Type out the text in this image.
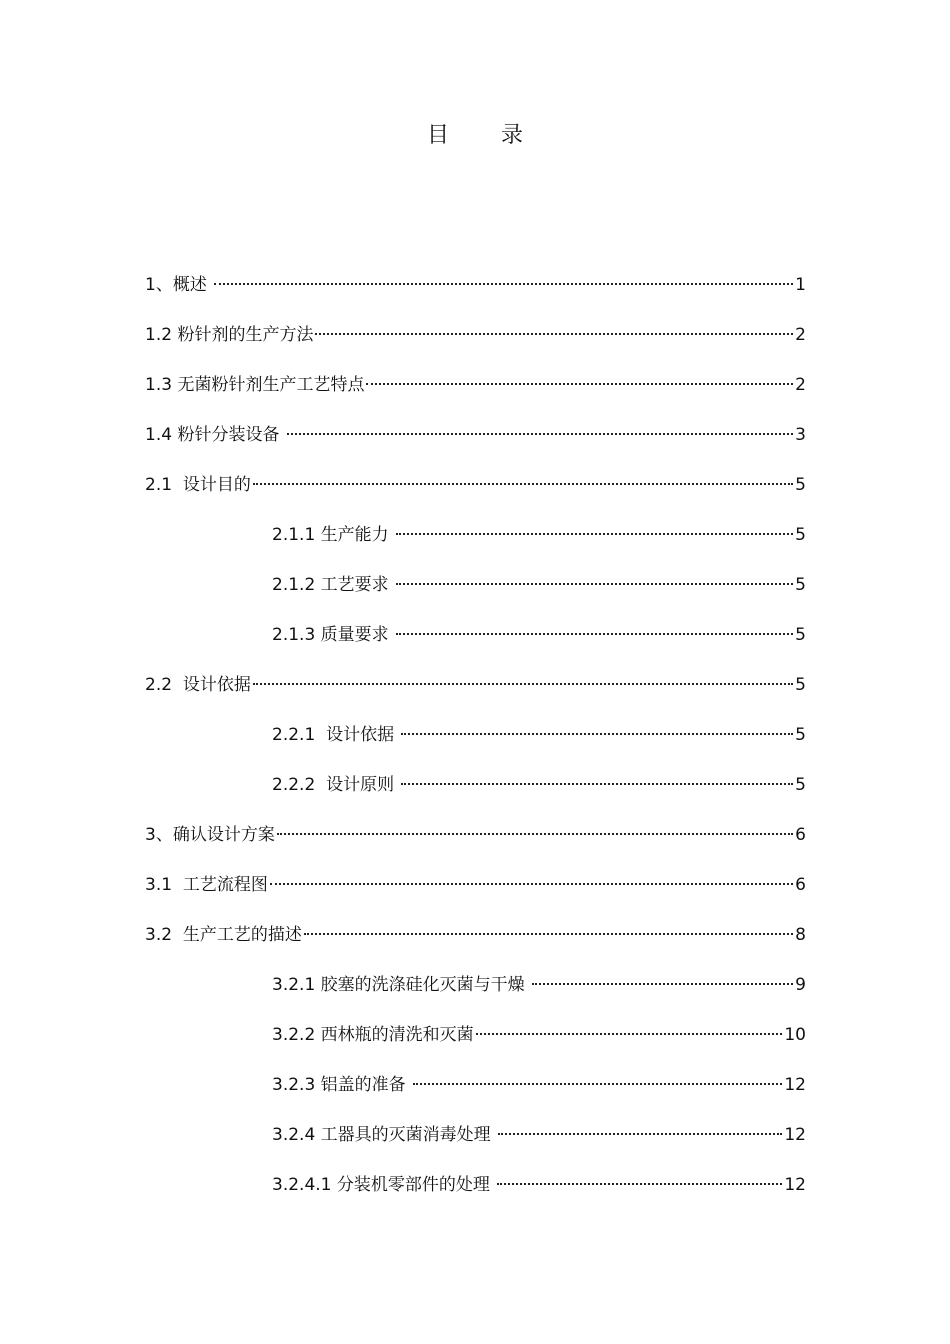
目 录
1、概述	1
1.2 粉针剂的生产方法	2
1.3 无菌粉针剂生产工艺特点	2
1.4 粉针分装设备	3
2.1  设计目的	5
2.1.1 生产能力	5
2.1.2 工艺要求	5
2.1.3 质量要求	5
2.2  设计依据	5
2.2.1  设计依据	5
2.2.2  设计原则	5
3、确认设计方案	6
3.1  工艺流程图	6
3.2  生产工艺的描述	8
3.2.1 胶塞的洗涤硅化灭菌与干燥	9
3.2.2 西林瓶的清洗和灭菌	10
3.2.3 铝盖的准备	12
3.2.4 工器具的灭菌消毒处理	12
3.2.4.1 分装机零部件的处理	12
